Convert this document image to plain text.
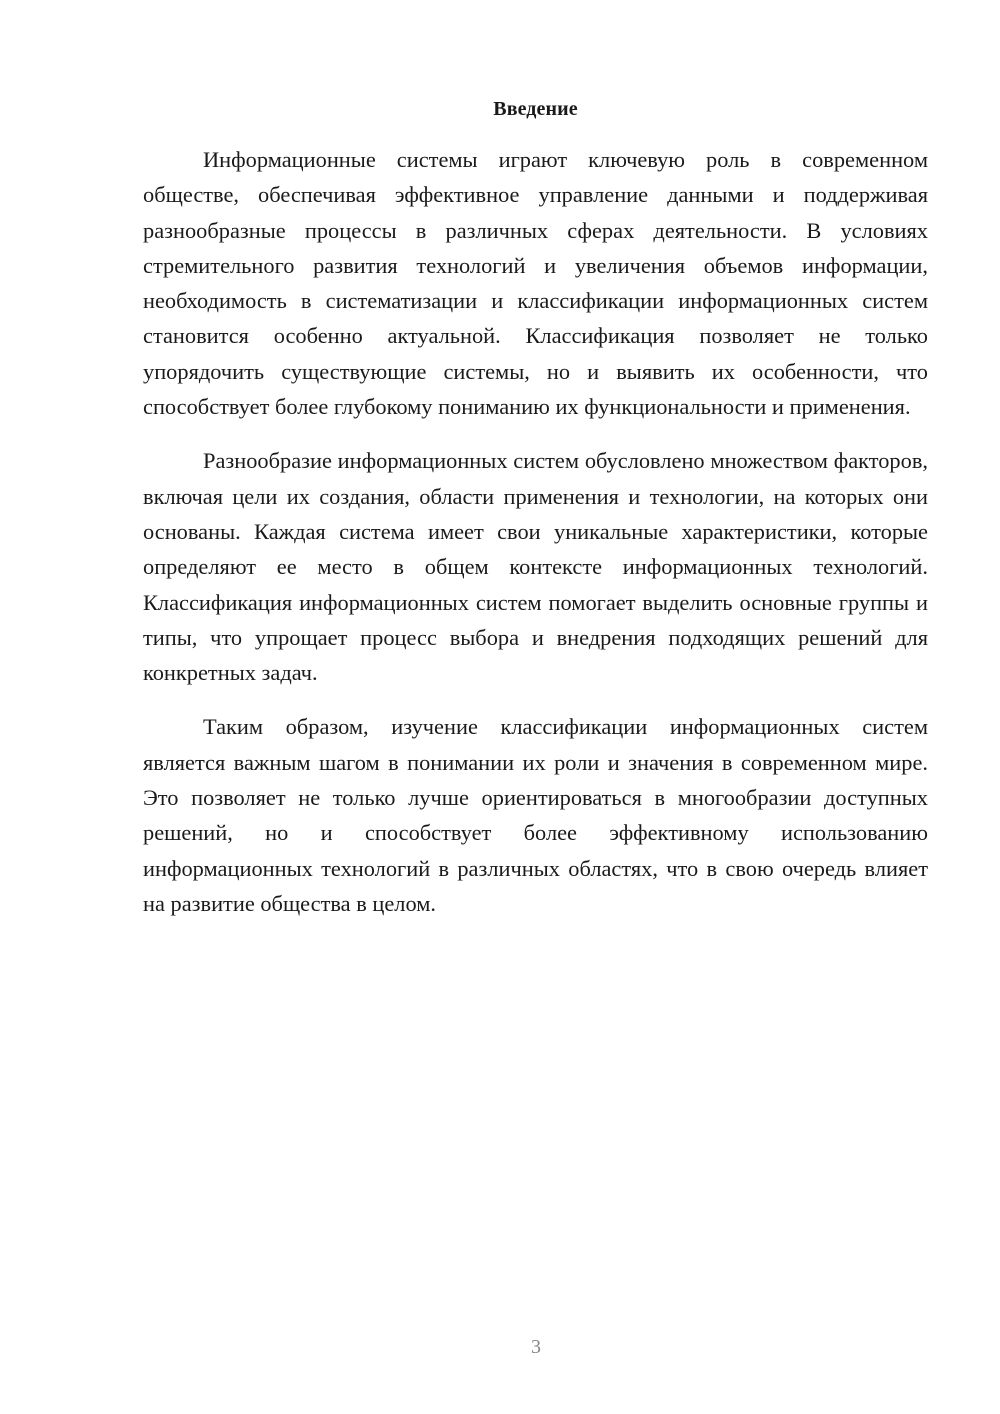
Введение

Информационные системы играют ключевую роль в современном обществе, обеспечивая эффективное управление данными и поддерживая разнообразные процессы в различных сферах деятельности. В условиях стремительного развития технологий и увеличения объемов информации, необходимость в систематизации и классификации информационных систем становится особенно актуальной. Классификация позволяет не только упорядочить существующие системы, но и выявить их особенности, что способствует более глубокому пониманию их функциональности и применения.

Разнообразие информационных систем обусловлено множеством факторов, включая цели их создания, области применения и технологии, на которых они основаны. Каждая система имеет свои уникальные характеристики, которые определяют ее место в общем контексте информационных технологий. Классификация информационных систем помогает выделить основные группы и типы, что упрощает процесс выбора и внедрения подходящих решений для конкретных задач.

Таким образом, изучение классификации информационных систем является важным шагом в понимании их роли и значения в современном мире. Это позволяет не только лучше ориентироваться в многообразии доступных решений, но и способствует более эффективному использованию информационных технологий в различных областях, что в свою очередь влияет на развитие общества в целом.

3
